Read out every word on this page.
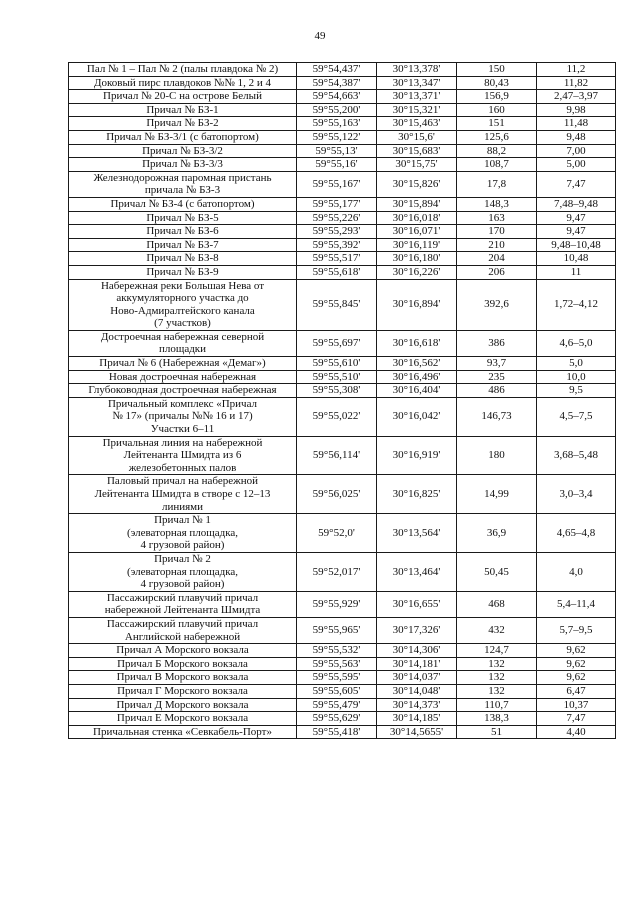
49
Пал № 1 – Пал № 2 (палы плавдока № 2)	59°54,437'	30°13,378'	150	11,2
Доковый пирс плавдоков №№ 1, 2 и 4	59°54,387'	30°13,347'	80,43	11,82
Причал № 20-С на острове Белый	59°54,663'	30°13,371'	156,9	2,47–3,97
Причал № БЗ-1	59°55,200'	30°15,321'	160	9,98
Причал № БЗ-2	59°55,163'	30°15,463'	151	11,48
Причал № БЗ-3/1 (с батопортом)	59°55,122'	30°15,6'	125,6	9,48
Причал № БЗ-3/2	59°55,13'	30°15,683'	88,2	7,00
Причал № БЗ-3/3	59°55,16'	30°15,75'	108,7	5,00
Железнодорожная паромная пристань
причала № БЗ-3	59°55,167'	30°15,826'	17,8	7,47
Причал № БЗ-4 (с батопортом)	59°55,177'	30°15,894'	148,3	7,48–9,48
Причал № БЗ-5	59°55,226'	30°16,018'	163	9,47
Причал № БЗ-6	59°55,293'	30°16,071'	170	9,47
Причал № БЗ-7	59°55,392'	30°16,119'	210	9,48–10,48
Причал № БЗ-8	59°55,517'	30°16,180'	204	10,48
Причал № БЗ-9	59°55,618'	30°16,226'	206	11
Набережная реки Большая Нева от
аккумуляторного участка до
Ново-Адмиралтейского канала
(7 участков)	59°55,845'	30°16,894'	392,6	1,72–4,12
Достроечная набережная северной
площадки	59°55,697'	30°16,618'	386	4,6–5,0
Причал № 6 (Набережная «Демаг»)	59°55,610'	30°16,562'	93,7	5,0
Новая достроечная набережная	59°55,510'	30°16,496'	235	10,0
Глубоководная достроечная набережная	59°55,308'	30°16,404'	486	9,5
Причальный комплекс «Причал
№ 17» (причалы №№ 16 и 17)
Участки 6–11	59°55,022'	30°16,042'	146,73	4,5–7,5
Причальная линия на набережной
Лейтенанта Шмидта из 6
железобетонных палов	59°56,114'	30°16,919'	180	3,68–5,48
Паловый причал на набережной
Лейтенанта Шмидта в створе с 12–13
линиями	59°56,025'	30°16,825'	14,99	3,0–3,4
Причал № 1
(элеваторная площадка,
4 грузовой район)	59°52,0'	30°13,564'	36,9	4,65–4,8
Причал № 2
(элеваторная площадка,
4 грузовой район)	59°52,017'	30°13,464'	50,45	4,0
Пассажирский плавучий причал
набережной Лейтенанта Шмидта	59°55,929'	30°16,655'	468	5,4–11,4
Пассажирский плавучий причал
Английской набережной	59°55,965'	30°17,326'	432	5,7–9,5
Причал А Морского вокзала	59°55,532'	30°14,306'	124,7	9,62
Причал Б Морского вокзала	59°55,563'	30°14,181'	132	9,62
Причал В Морского вокзала	59°55,595'	30°14,037'	132	9,62
Причал Г Морского вокзала	59°55,605'	30°14,048'	132	6,47
Причал Д Морского вокзала	59°55,479'	30°14,373'	110,7	10,37
Причал Е Морского вокзала	59°55,629'	30°14,185'	138,3	7,47
Причальная стенка «Севкабель-Порт»	59°55,418'	30°14,5655'	51	4,40
